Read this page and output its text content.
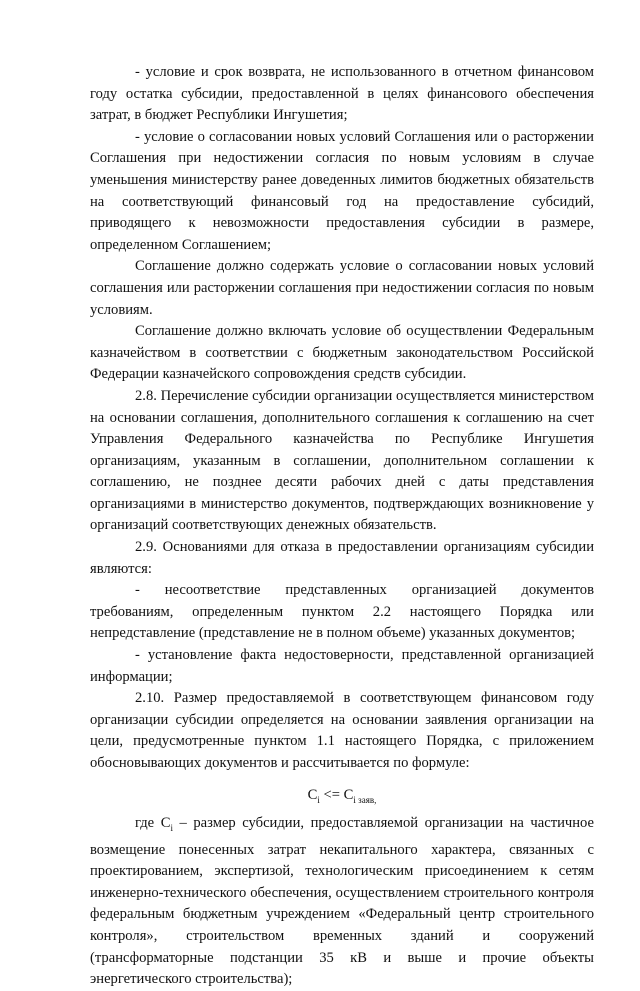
- условие и срок возврата, не использованного в отчетном финансовом году остатка субсидии, предоставленной в целях финансового обеспечения затрат, в бюджет Республики Ингушетия;

- условие о согласовании новых условий Соглашения или о расторжении Соглашения при недостижении согласия по новым условиям в случае уменьшения министерству ранее доведенных лимитов бюджетных обязательств на соответствующий финансовый год на предоставление субсидий, приводящего к невозможности предоставления субсидии в размере, определенном Соглашением;

Соглашение должно содержать условие о согласовании новых условий соглашения или расторжении соглашения при недостижении согласия по новым условиям.

Соглашение должно включать условие об осуществлении Федеральным казначейством в соответствии с бюджетным законодательством Российской Федерации казначейского сопровождения средств субсидии.

2.8. Перечисление субсидии организации осуществляется министерством на основании соглашения, дополнительного соглашения к соглашению на счет Управления Федерального казначейства по Республике Ингушетия организациям, указанным в соглашении, дополнительном соглашении к соглашению, не позднее десяти рабочих дней с даты представления организациями в министерство документов, подтверждающих возникновение у организаций соответствующих денежных обязательств.

2.9. Основаниями для отказа в предоставлении организациям субсидии являются:

- несоответствие представленных организацией документов требованиям, определенным пунктом 2.2 настоящего Порядка или непредставление (представление не в полном объеме) указанных документов;

- установление факта недостоверности, представленной организацией информации;

2.10. Размер предоставляемой в соответствующем финансовом году организации субсидии определяется на основании заявления организации на цели, предусмотренные пунктом 1.1 настоящего Порядка, с приложением обосновывающих документов и рассчитывается по формуле:

$C_i <= C_{i заяв,}$

где $C_i$ – размер субсидии, предоставляемой организации на частичное возмещение понесенных затрат некапитального характера, связанных с проектированием, экспертизой, технологическим присоединением к сетям инженерно-технического обеспечения, осуществлением строительного контроля федеральным бюджетным учреждением «Федеральный центр строительного контроля», строительством временных зданий и сооружений (трансформаторные подстанции 35 кВ и выше и прочие объекты энергетического строительства);
